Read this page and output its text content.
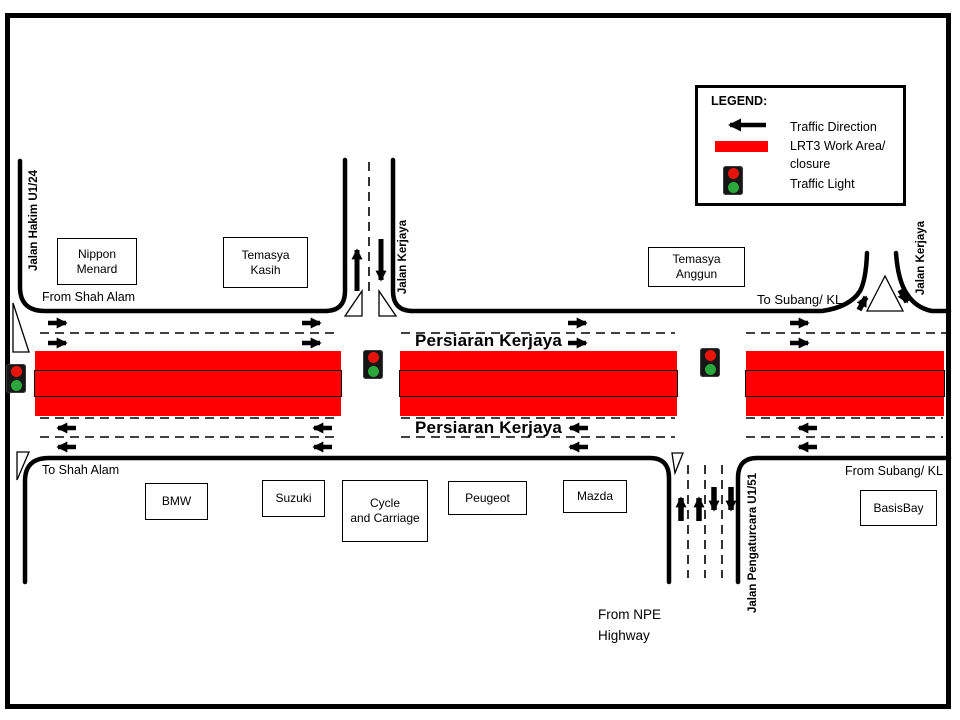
Jalan Hakim U1/24	Jalan Kerjaya	Jalan Kerjaya
Jalan Pengaturcara U1/51
Persiaran Kerjaya
Persiaran Kerjaya
From Shah Alam	To Subang/ KL
To Shah Alam	From Subang/ KL
From NPE
Highway
Nippon
Menard
Temasya
Kasih
Temasya
Anggun
BMW	Suzuki	Cycle
and Carriage
Peugeot	Mazda
BasisBay
LEGEND:
Traffic Direction
LRT3 Work Area/
closure
Traffic Light
